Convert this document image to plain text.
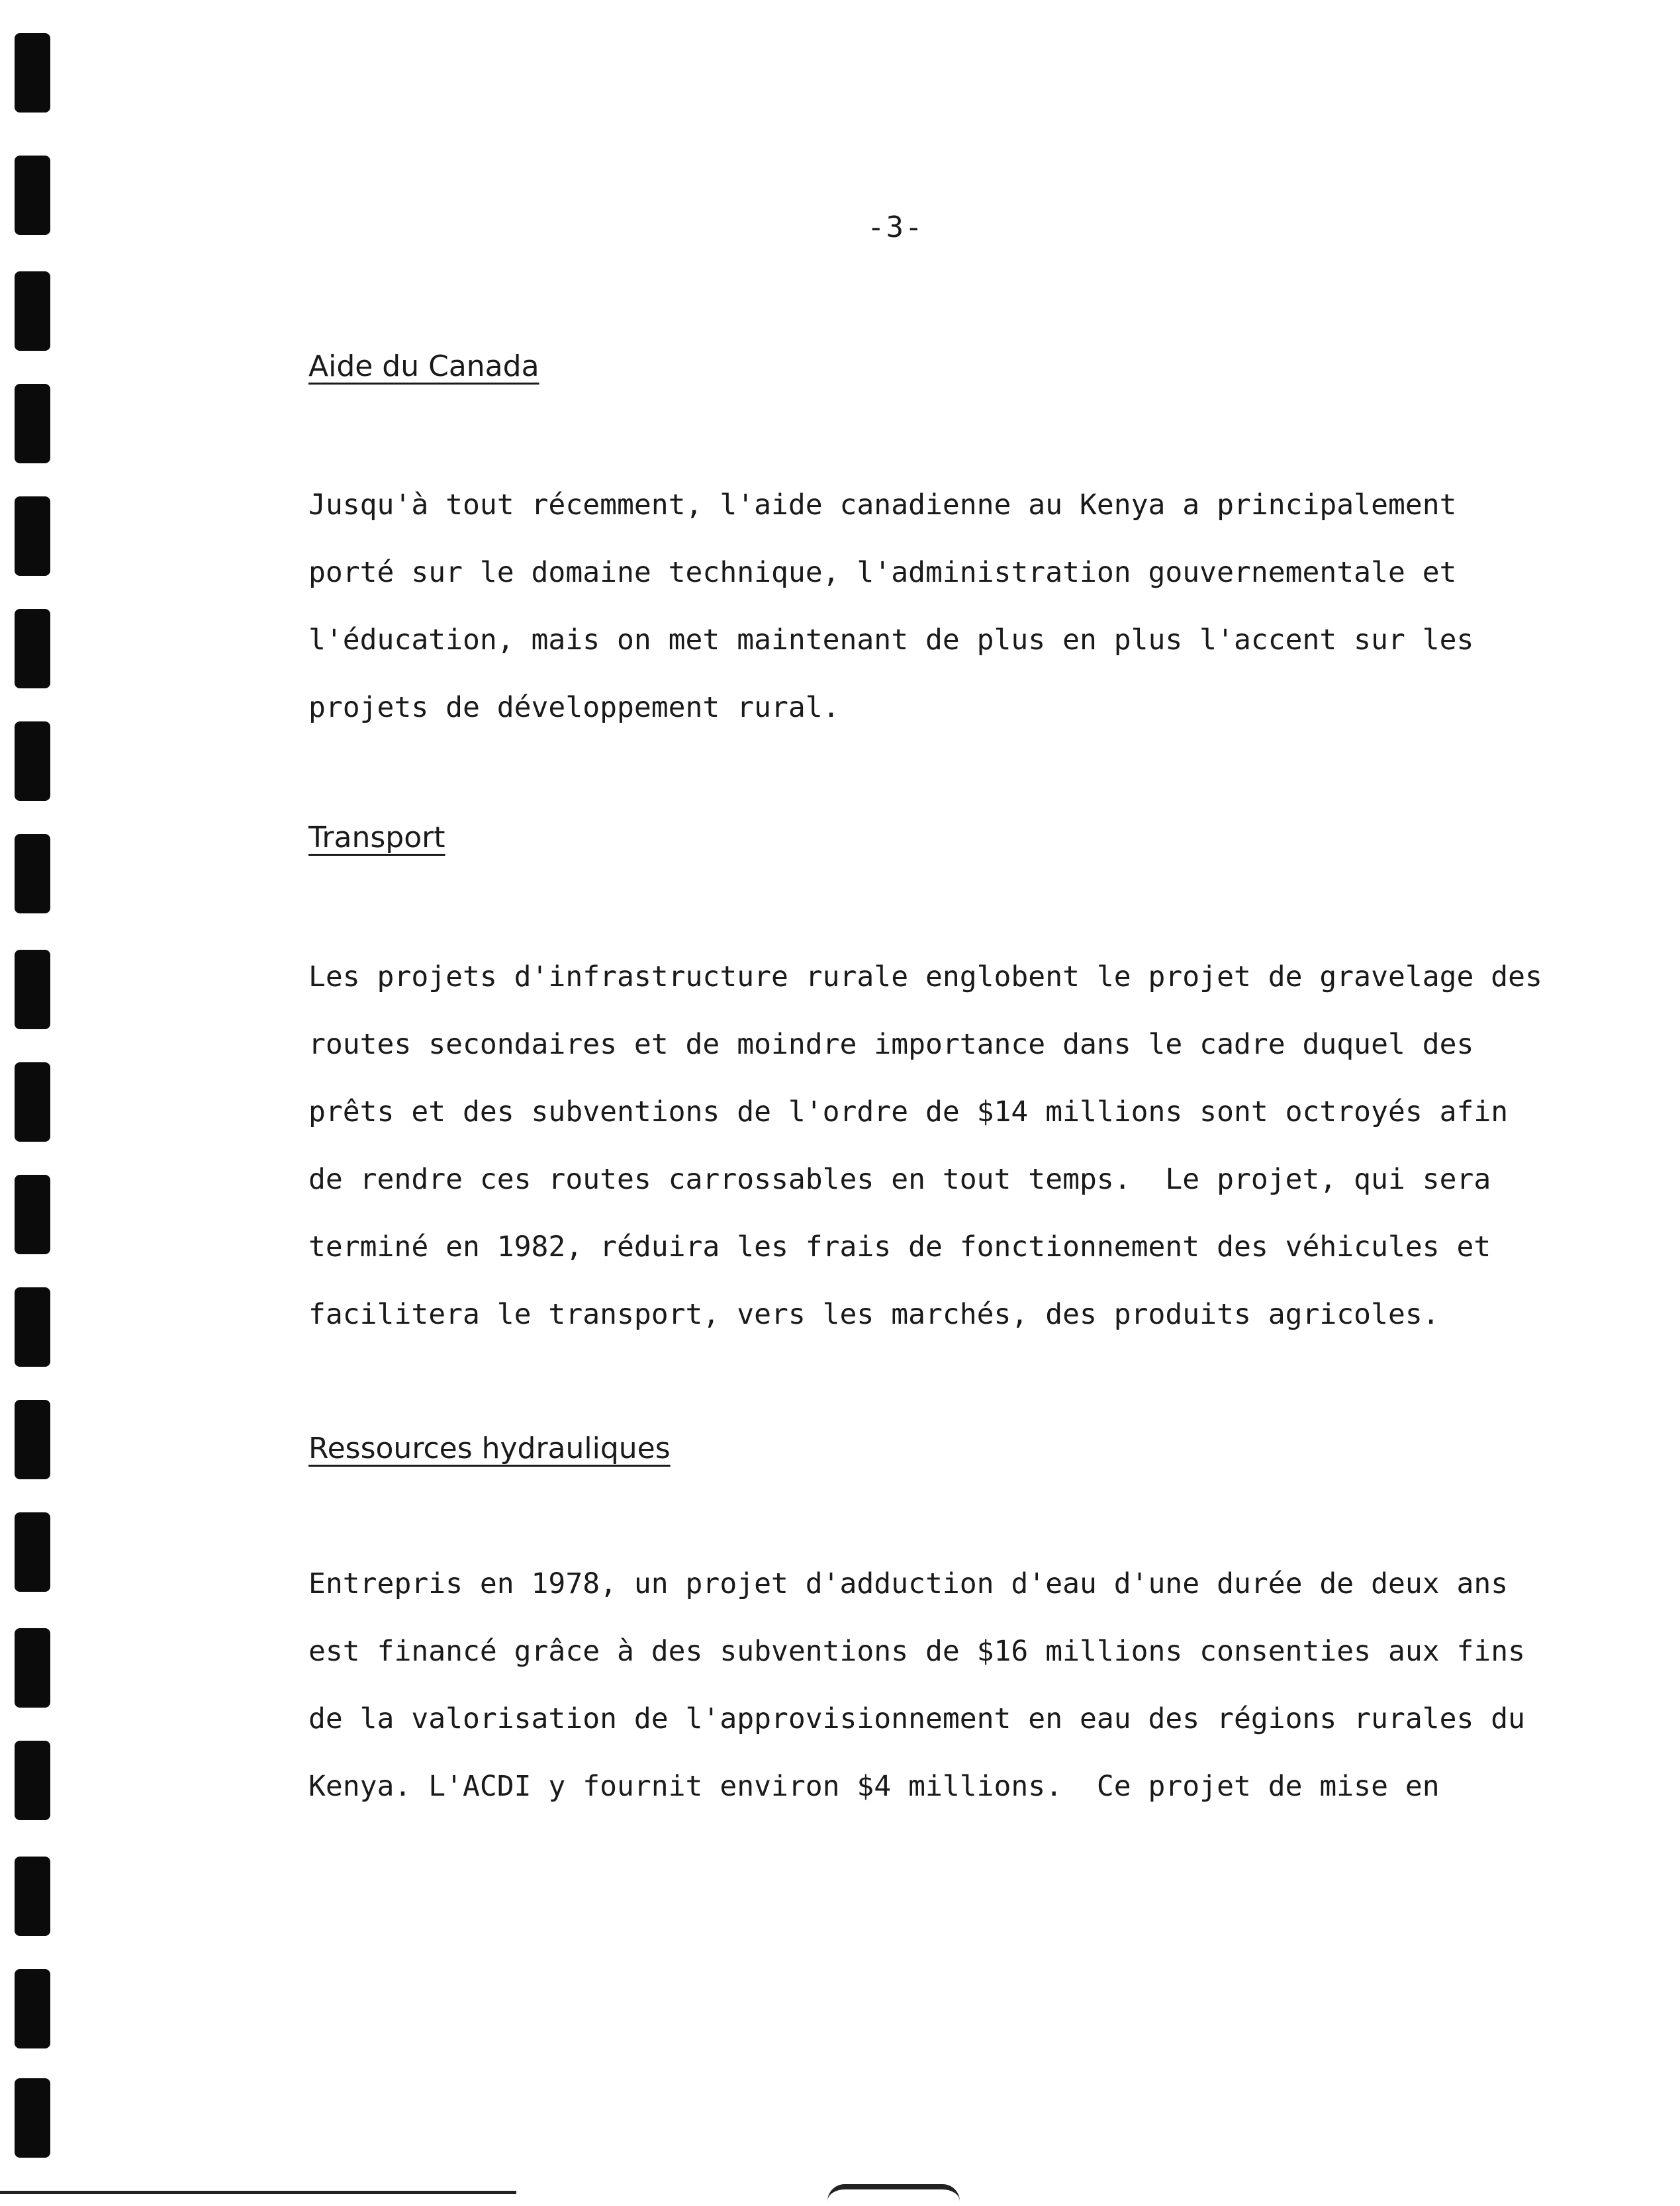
-3-
Aide du Canada
Jusqu'à tout récemment, l'aide canadienne au Kenya a principalement
porté sur le domaine technique, l'administration gouvernementale et
l'éducation, mais on met maintenant de plus en plus l'accent sur les
projets de développement rural.
Transport
Les projets d'infrastructure rurale englobent le projet de gravelage des
routes secondaires et de moindre importance dans le cadre duquel des
prêts et des subventions de l'ordre de $14 millions sont octroyés afin
de rendre ces routes carrossables en tout temps.  Le projet, qui sera
terminé en 1982, réduira les frais de fonctionnement des véhicules et
facilitera le transport, vers les marchés, des produits agricoles.
Ressources hydrauliques
Entrepris en 1978, un projet d'adduction d'eau d'une durée de deux ans
est financé grâce à des subventions de $16 millions consenties aux fins
de la valorisation de l'approvisionnement en eau des régions rurales du
Kenya. L'ACDI y fournit environ $4 millions.  Ce projet de mise en
